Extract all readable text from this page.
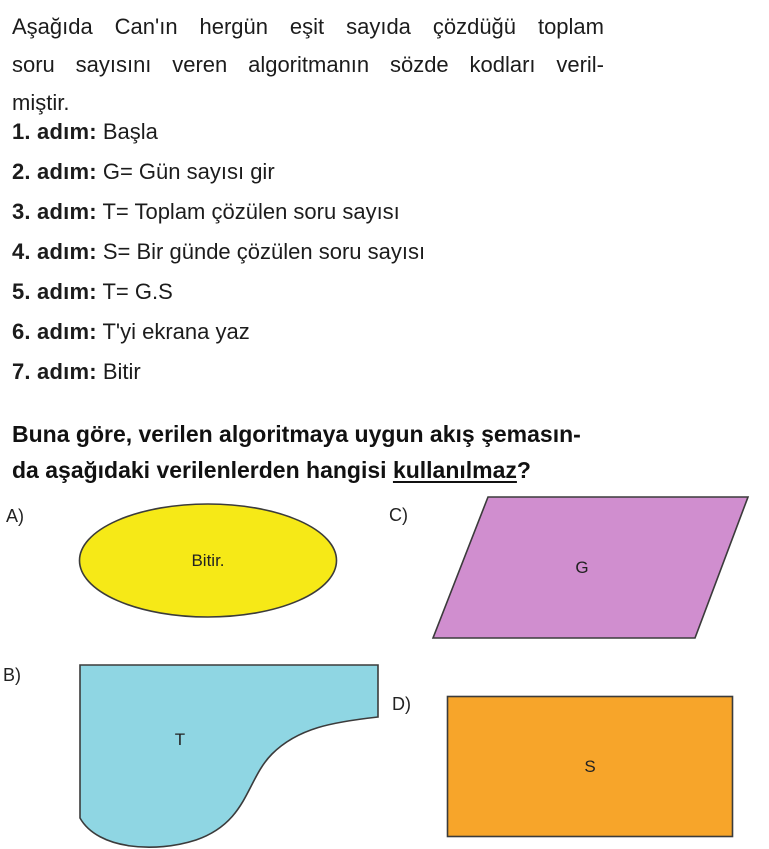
Aşağıda Can'ın hergün eşit sayıda çözdüğü toplam
soru sayısını veren algoritmanın sözde kodları veril-
miştir.
1. adım: Başla
2. adım: G= Gün sayısı gir
3. adım: T= Toplam çözülen soru sayısı
4. adım: S= Bir günde çözülen soru sayısı
5. adım: T= G.S
6. adım: T'yi ekrana yaz
7. adım: Bitir
Buna göre, verilen algoritmaya uygun akış şemasın-
da aşağıdaki verilenlerden hangisi kullanılmaz?
A)
Bitir.
C)
G
B)
T
D)
S
